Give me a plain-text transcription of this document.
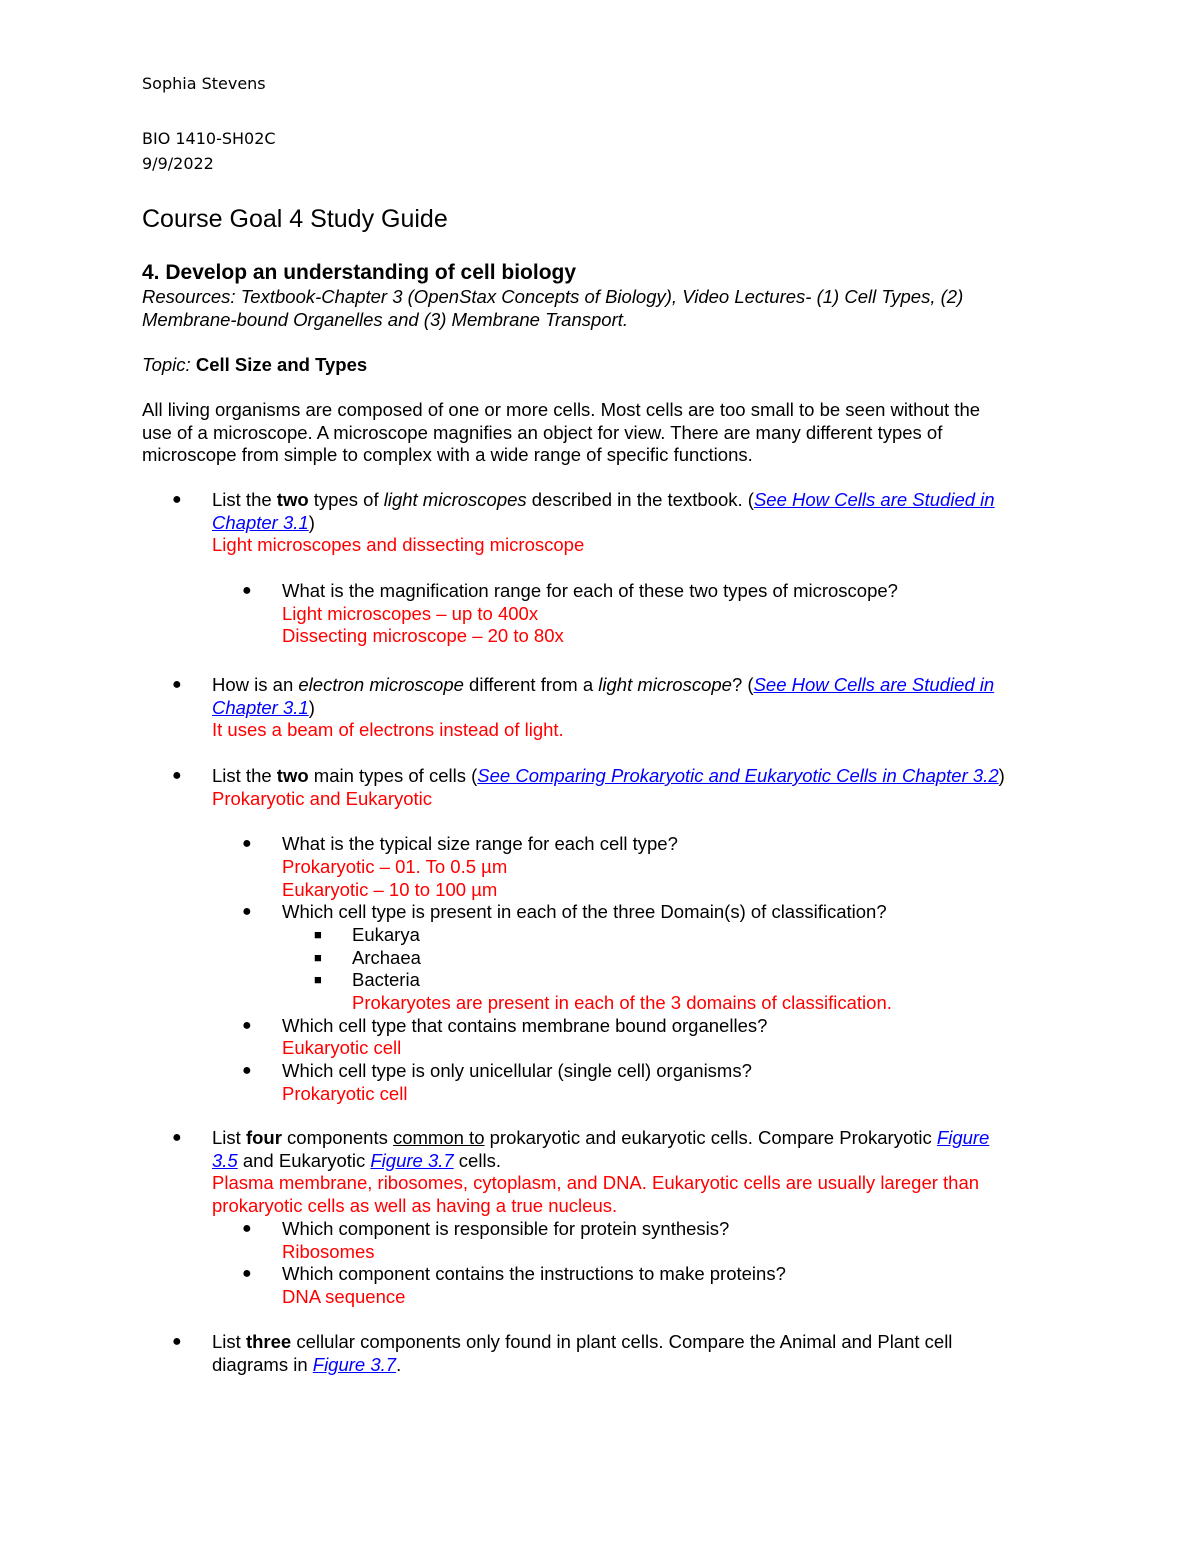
Sophia Stevens
BIO 1410-SH02C
9/9/2022
Course Goal 4 Study Guide
4. Develop an understanding of cell biology
Resources: Textbook-Chapter 3 (OpenStax Concepts of Biology), Video Lectures- (1) Cell Types, (2)
Membrane-bound Organelles and (3) Membrane Transport.
Topic: Cell Size and Types
All living organisms are composed of one or more cells. Most cells are too small to be seen without the
use of a microscope. A microscope magnifies an object for view. There are many different types of
microscope from simple to complex with a wide range of specific functions.
● List the two types of light microscopes described in the textbook. (See How Cells are Studied in
Chapter 3.1)
Light microscopes and dissecting microscope
● What is the magnification range for each of these two types of microscope?
Light microscopes – up to 400x
Dissecting microscope – 20 to 80x
● How is an electron microscope different from a light microscope? (See How Cells are Studied in
Chapter 3.1)
It uses a beam of electrons instead of light.
● List the two main types of cells (See Comparing Prokaryotic and Eukaryotic Cells in Chapter 3.2)
Prokaryotic and Eukaryotic
● What is the typical size range for each cell type?
Prokaryotic – 01. To 0.5 µm
Eukaryotic – 10 to 100 µm
● Which cell type is present in each of the three Domain(s) of classification?
■ Eukarya
■ Archaea
■ Bacteria
Prokaryotes are present in each of the 3 domains of classification.
● Which cell type that contains membrane bound organelles?
Eukaryotic cell
● Which cell type is only unicellular (single cell) organisms?
Prokaryotic cell
● List four components common to prokaryotic and eukaryotic cells. Compare Prokaryotic Figure
3.5 and Eukaryotic Figure 3.7 cells.
Plasma membrane, ribosomes, cytoplasm, and DNA. Eukaryotic cells are usually lareger than
prokaryotic cells as well as having a true nucleus.
● Which component is responsible for protein synthesis?
Ribosomes
● Which component contains the instructions to make proteins?
DNA sequence
● List three cellular components only found in plant cells. Compare the Animal and Plant cell
diagrams in Figure 3.7.
